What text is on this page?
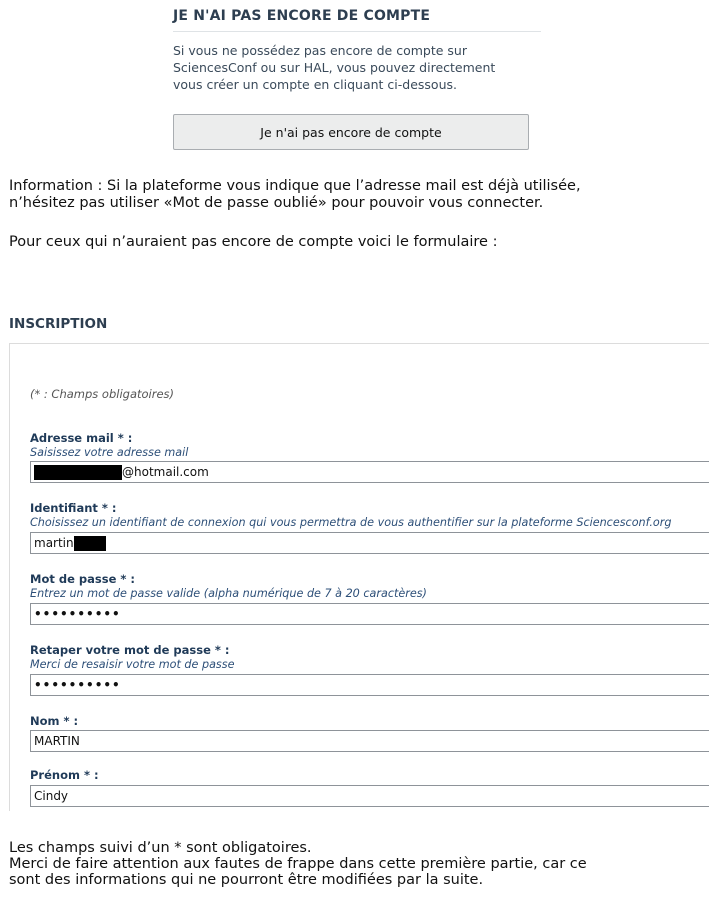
JE N'AI PAS ENCORE DE COMPTE
Si vous ne possédez pas encore de compte sur
SciencesConf ou sur HAL, vous pouvez directement
vous créer un compte en cliquant ci-dessous.
Je n'ai pas encore de compte
Information : Si la plateforme vous indique que l’adresse mail est déjà utilisée,
n’hésitez pas utiliser «Mot de passe oublié» pour pouvoir vous connecter.
Pour ceux qui n’auraient pas encore de compte voici le formulaire :
INSCRIPTION
(* : Champs obligatoires)
Adresse mail * :
Saisissez votre adresse mail
@hotmail.com
Identifiant * :
Choisissez un identifiant de connexion qui vous permettra de vous authentifier sur la plateforme Sciencesconf.org
martin
Mot de passe * :
Entrez un mot de passe valide (alpha numérique de 7 à 20 caractères)
••••••••••
Retaper votre mot de passe * :
Merci de resaisir votre mot de passe
••••••••••
Nom * :
MARTIN
Prénom * :
Cindy
Les champs suivi d’un * sont obligatoires.
Merci de faire attention aux fautes de frappe dans cette première partie, car ce
sont des informations qui ne pourront être modifiées par la suite.
